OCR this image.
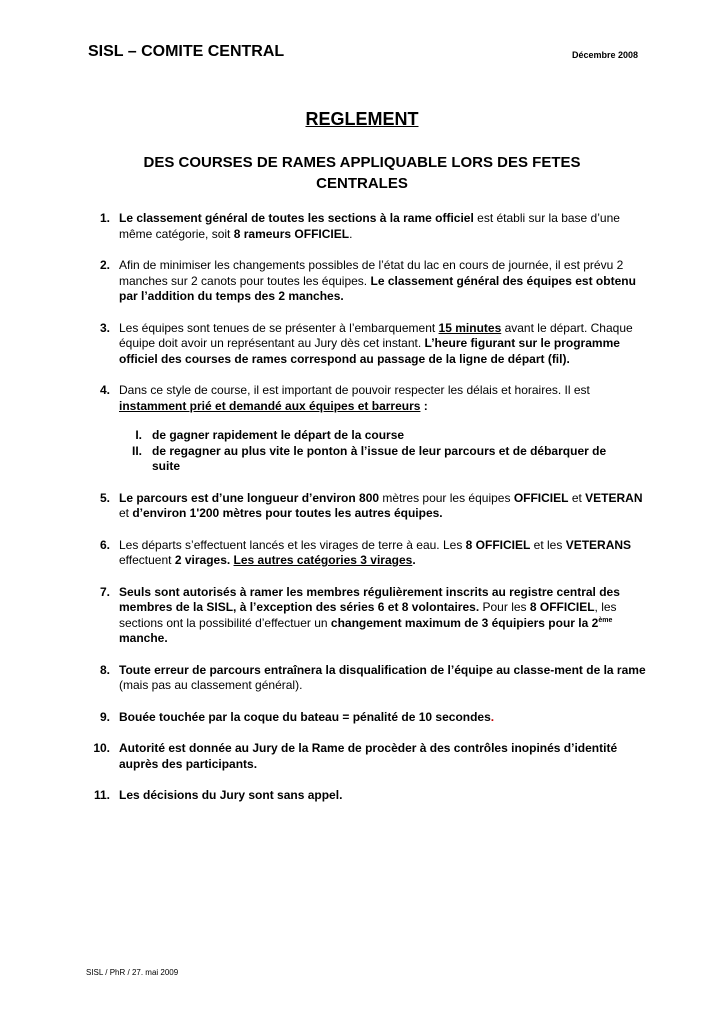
SISL – COMITE CENTRAL	Décembre 2008
REGLEMENT
DES COURSES DE RAMES APPLIQUABLE LORS DES FETES CENTRALES
1. Le classement général de toutes les sections à la rame officiel est établi sur la base d’une même catégorie, soit 8 rameurs OFFICIEL.
2. Afin de minimiser les changements possibles de l’état du lac en cours de journée, il est prévu 2 manches sur 2 canots pour toutes les équipes. Le classement général des équipes est obtenu par l’addition du temps des 2 manches.
3. Les équipes sont tenues de se présenter à l’embarquement 15 minutes avant le départ. Chaque équipe doit avoir un représentant au Jury dès cet instant. L’heure figurant sur le programme officiel des courses de rames correspond au passage de la ligne de départ (fil).
4. Dans ce style de course, il est important de pouvoir respecter les délais et horaires. Il est instamment prié et demandé aux équipes et barreurs :
I. de gagner rapidement le départ de la course
II. de regagner au plus vite le ponton à l’issue de leur parcours et de débarquer de suite
5. Le parcours est d’une longueur d’environ 800 mètres pour les équipes OFFICIEL et VETERAN et d’environ 1'200 mètres pour toutes les autres équipes.
6. Les départs s’effectuent lancés et les virages de terre à eau. Les 8 OFFICIEL et les VETERANS effectuent 2 virages. Les autres catégories 3 virages.
7. Seuls sont autorisés à ramer les membres régulièrement inscrits au registre central des membres de la SISL, à l’exception des séries 6 et 8 volontaires. Pour les 8 OFFICIEL, les sections ont la possibilité d’effectuer un changement maximum de 3 équipiers pour la 2ème manche.
8. Toute erreur de parcours entraînera la disqualification de l’équipe au classe-ment de la rame (mais pas au classement général).
9. Bouée touchée par la coque du bateau = pénalité de 10 secondes.
10. Autorité est donnée au Jury de la Rame de procèder à des contrôles inopinés d’identité auprès des participants.
11. Les décisions du Jury sont sans appel.
SISL / PhR / 27. mai 2009
